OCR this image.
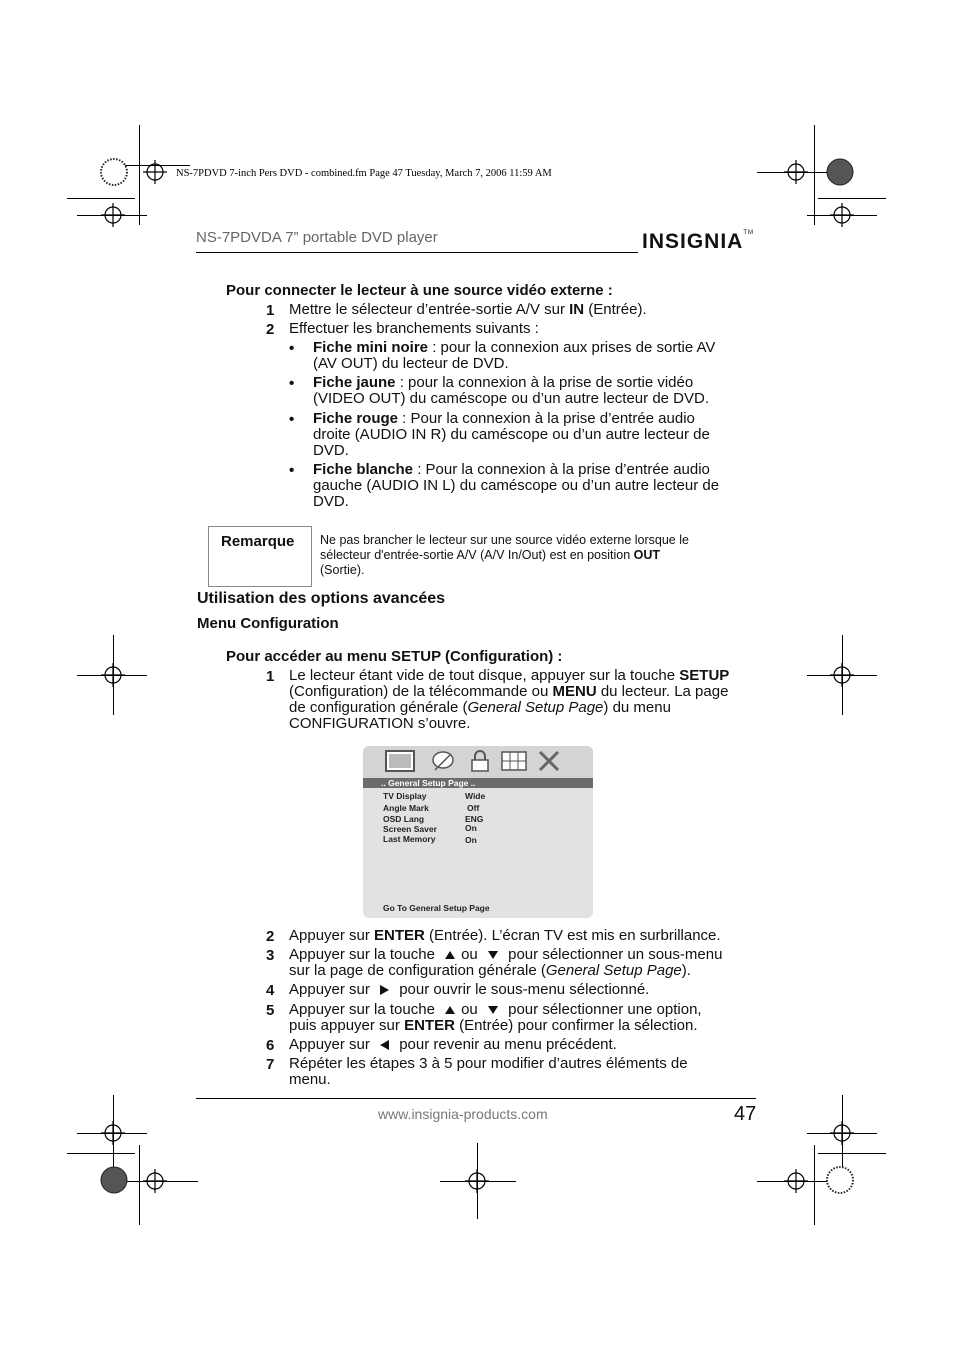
NS-7PDVD 7-inch Pers DVD - combined.fm Page 47 Tuesday, March 7, 2006 11:59 AM
NS-7PDVDA 7” portable DVD player	INSIGNIA™
Pour connecter le lecteur à une source vidéo externe :
1 Mettre le sélecteur d’entrée-sortie A/V sur IN (Entrée).
2 Effectuer les branchements suivants :
• Fiche mini noire : pour la connexion aux prises de sortie AV
(AV OUT) du lecteur de DVD.
• Fiche jaune : pour la connexion à la prise de sortie vidéo
(VIDEO OUT) du caméscope ou d’un autre lecteur de DVD.
• Fiche rouge : Pour la connexion à la prise d’entrée audio
droite (AUDIO IN R) du caméscope ou d’un autre lecteur de
DVD.
• Fiche blanche : Pour la connexion à la prise d’entrée audio
gauche (AUDIO IN L) du caméscope ou d’un autre lecteur de
DVD.
Remarque Ne pas brancher le lecteur sur une source vidéo externe lorsque le
sélecteur d'entrée-sortie A/V (A/V In/Out) est en position OUT
(Sortie).
Utilisation des options avancées
Menu Configuration
Pour accéder au menu SETUP (Configuration) :
1 Le lecteur étant vide de tout disque, appuyer sur la touche SETUP
(Configuration) de la télécommande ou MENU du lecteur. La page
de configuration générale (General Setup Page) du menu
CONFIGURATION s’ouvre.
.. General Setup Page ..
TV Display	Wide
Angle Mark	Off
OSD Lang	ENG
Screen Saver	On
Last Memory	On
Go To General Setup Page
2 Appuyer sur ENTER (Entrée). L’écran TV est mis en surbrillance.
3 Appuyer sur la touche ou pour sélectionner un sous-menu
sur la page de configuration générale (General Setup Page).
4 Appuyer sur pour ouvrir le sous-menu sélectionné.
5 Appuyer sur la touche ou pour sélectionner une option,
puis appuyer sur ENTER (Entrée) pour confirmer la sélection.
6 Appuyer sur pour revenir au menu précédent.
7 Répéter les étapes 3 à 5 pour modifier d’autres éléments de
menu.
www.insignia-products.com	47
